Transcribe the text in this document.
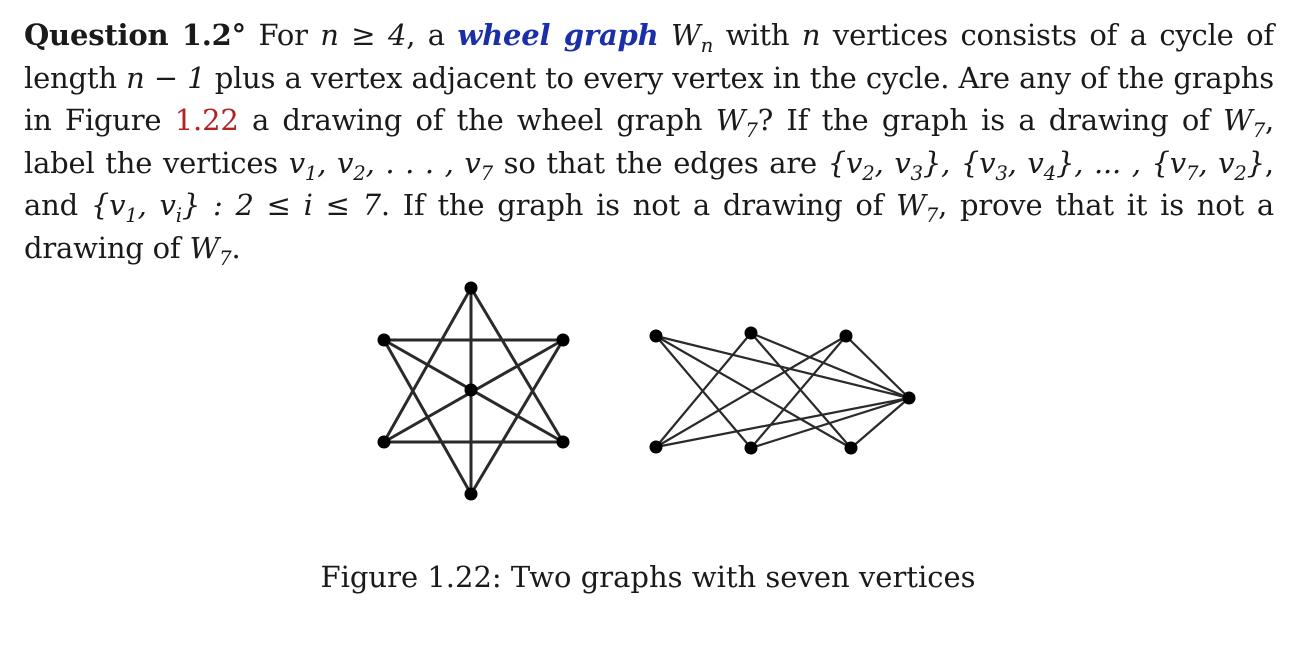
Question 1.2° For n ≥ 4, a wheel graph $W_n$ with n vertices consists of a cycle of length n − 1 plus a vertex adjacent to every vertex in the cycle. Are any of the graphs in Figure 1.22 a drawing of the wheel graph $W_7$? If the graph is a drawing of $W_7$, label the vertices $v_1$, $v_2$, . . . , $v_7$ so that the edges are {$v_2$, $v_3$}, {$v_3$, $v_4$}, ... , {$v_7$, $v_2$}, and {$v_1$, $v_i$} : 2 ≤ i ≤ 7. If the graph is not a drawing of $W_7$, prove that it is not a drawing of $W_7$.
Figure 1.22: Two graphs with seven vertices
